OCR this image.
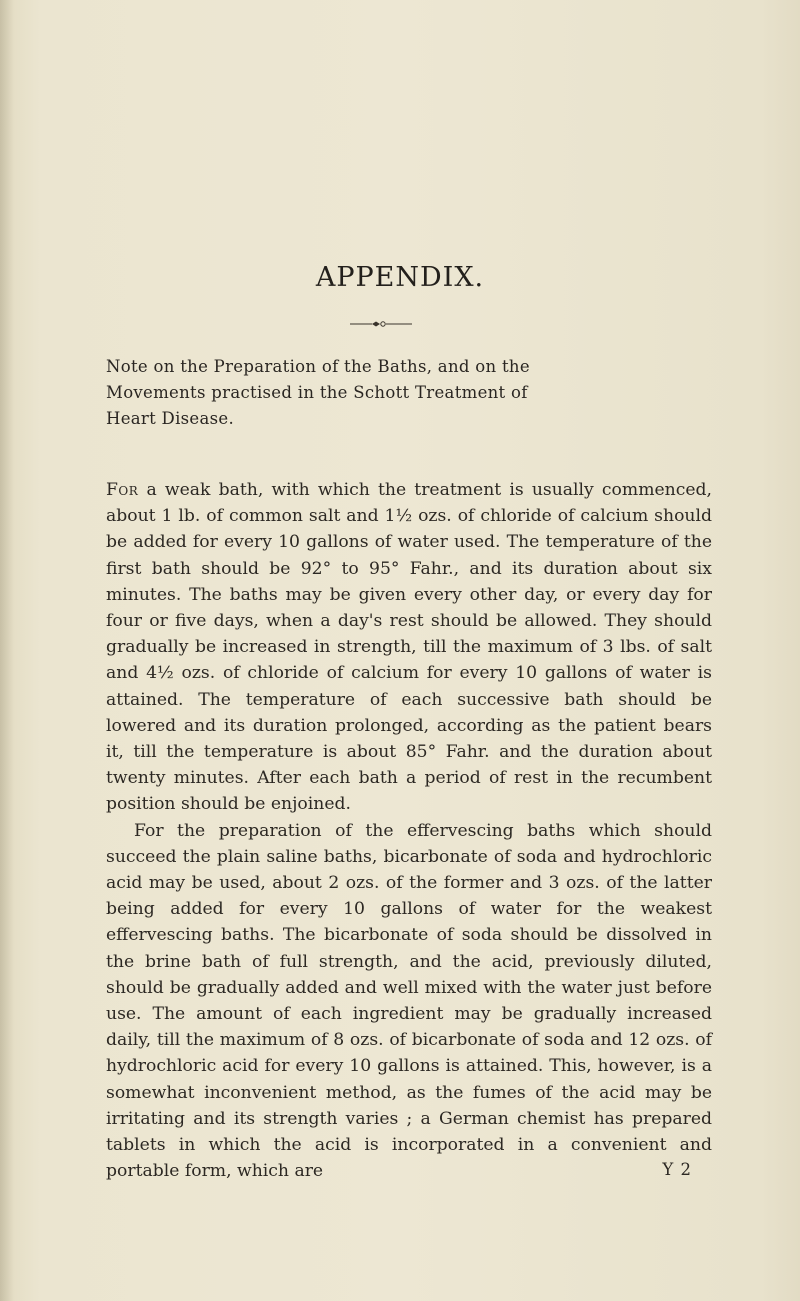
APPENDIX.
Note on the Preparation of the Baths, and on the
Movements practised in the Schott Treatment of
Heart Disease.

For a weak bath, with which the treatment is usually commenced, about 1 lb. of common salt and 1½ ozs. of chloride of calcium should be added for every 10 gallons of water used. The temperature of the first bath should be 92° to 95° Fahr., and its duration about six minutes. The baths may be given every other day, or every day for four or five days, when a day's rest should be allowed. They should gradually be increased in strength, till the maximum of 3 lbs. of salt and 4½ ozs. of chloride of calcium for every 10 gallons of water is attained. The temperature of each successive bath should be lowered and its duration prolonged, according as the patient bears it, till the temperature is about 85° Fahr. and the duration about twenty minutes. After each bath a period of rest in the recumbent position should be enjoined.

For the preparation of the effervescing baths which should succeed the plain saline baths, bicarbonate of soda and hydrochloric acid may be used, about 2 ozs. of the former and 3 ozs. of the latter being added for every 10 gallons of water for the weakest effervescing baths. The bicarbonate of soda should be dissolved in the brine bath of full strength, and the acid, previously diluted, should be gradually added and well mixed with the water just before use. The amount of each ingredient may be gradually increased daily, till the maximum of 8 ozs. of bicarbonate of soda and 12 ozs. of hydrochloric acid for every 10 gallons is attained. This, however, is a somewhat inconvenient method, as the fumes of the acid may be irritating and its strength varies ; a German chemist has prepared tablets in which the acid is incorporated in a convenient and portable form, which are	Y 2
